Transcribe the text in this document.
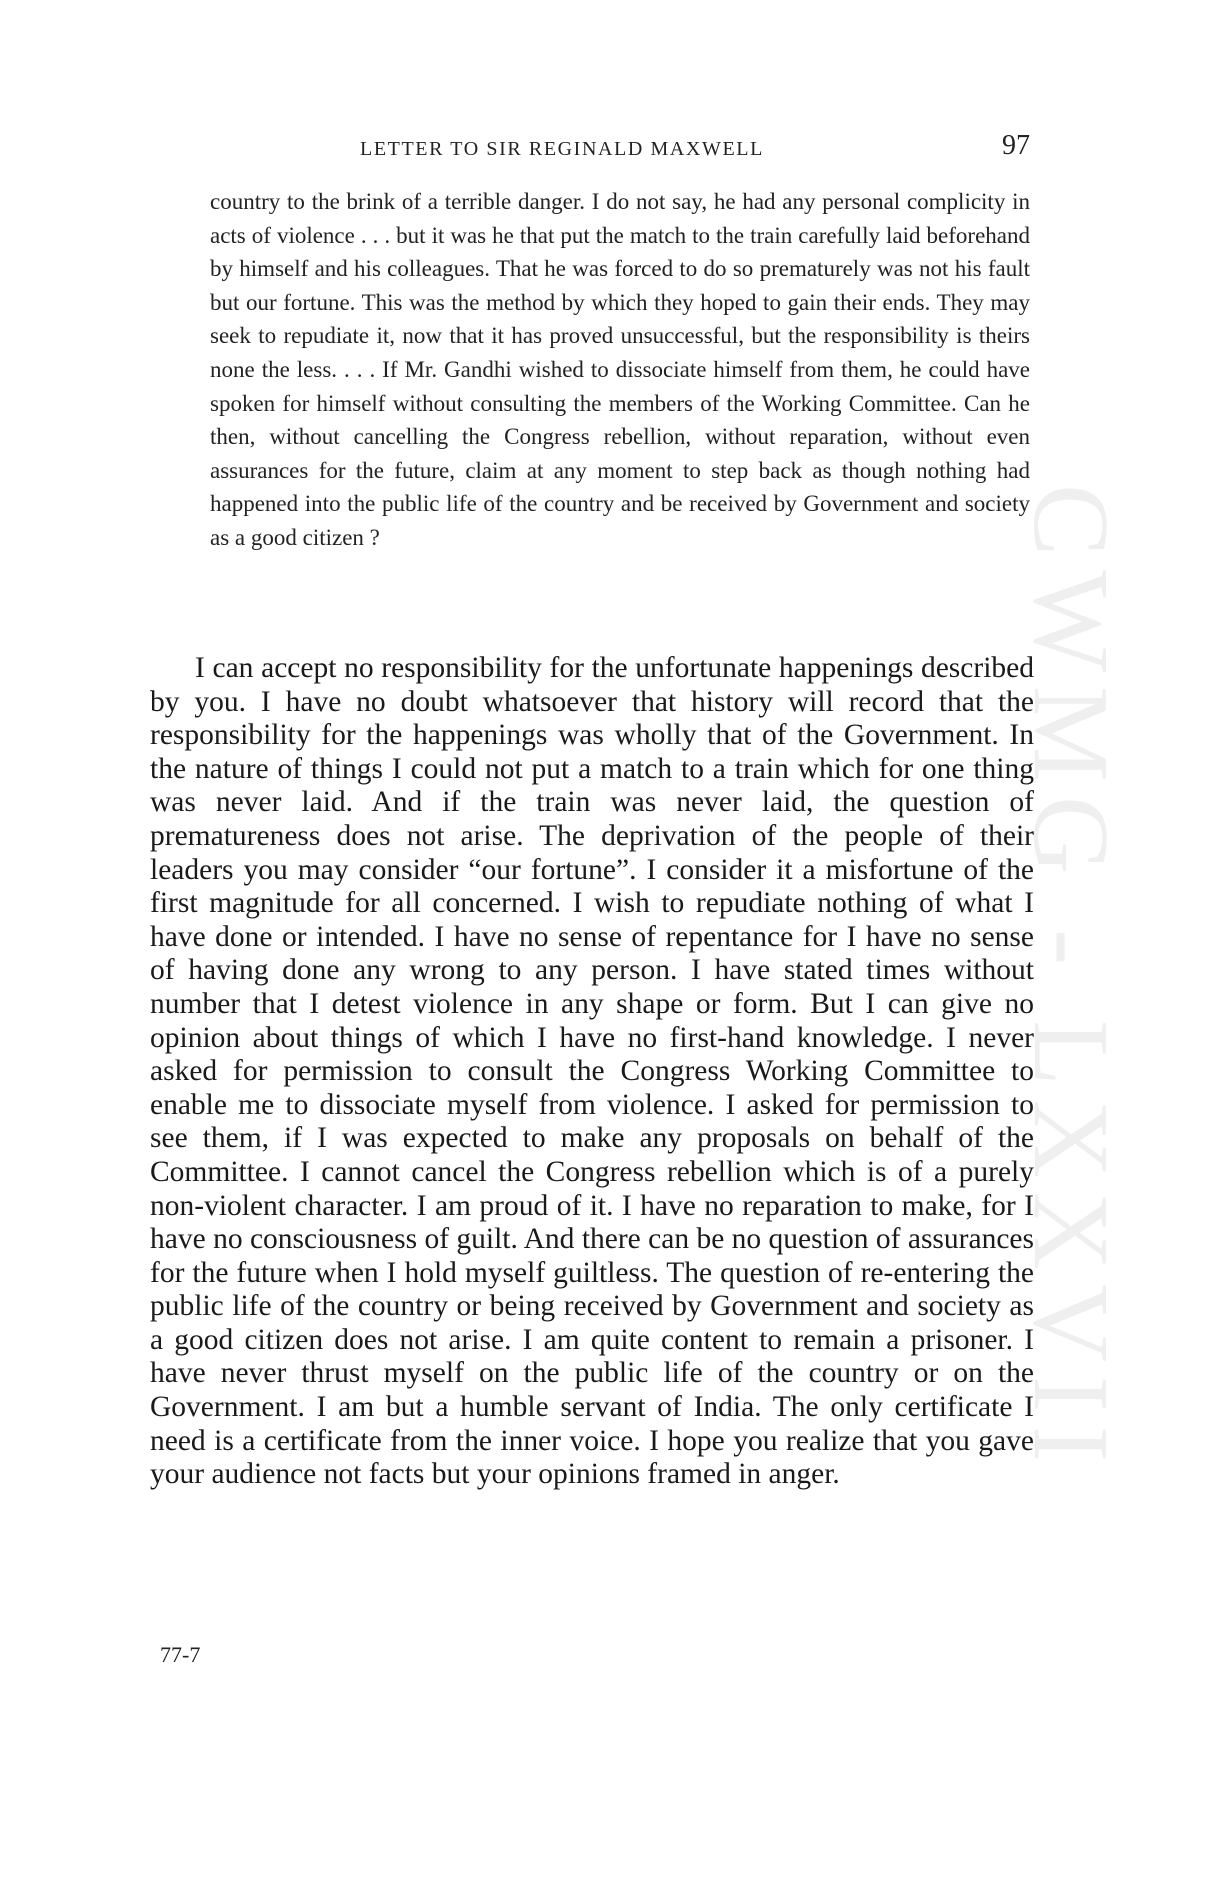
CWMG - LXXVII
LETTER TO SIR REGINALD MAXWELL	97

country to the brink of a terrible danger. I do not say, he had any personal complicity in acts of violence . . . but it was he that put the match to the train carefully laid beforehand by himself and his colleagues. That he was forced to do so prematurely was not his fault but our fortune. This was the method by which they hoped to gain their ends. They may seek to repudiate it, now that it has proved unsuccessful, but the responsibility is theirs none the less. . . . If Mr. Gandhi wished to dissociate himself from them, he could have spoken for himself without consulting the members of the Working Committee. Can he then, without cancelling the Congress rebellion, without reparation, without even assurances for the future, claim at any moment to step back as though nothing had happened into the public life of the country and be received by Government and society as a good citizen ?

I can accept no responsibility for the unfortunate happenings described by you. I have no doubt whatsoever that history will record that the responsibility for the happenings was wholly that of the Government. In the nature of things I could not put a match to a train which for one thing was never laid. And if the train was never laid, the question of prematureness does not arise. The deprivation of the people of their leaders you may consider “our fortune”. I consider it a misfortune of the first magnitude for all concerned. I wish to repudiate nothing of what I have done or intended. I have no sense of repentance for I have no sense of having done any wrong to any person. I have stated times without number that I detest violence in any shape or form. But I can give no opinion about things of which I have no first-hand knowledge. I never asked for permission to consult the Congress Working Committee to enable me to dissociate myself from violence. I asked for permission to see them, if I was expected to make any proposals on behalf of the Committee. I cannot cancel the Congress rebellion which is of a purely non-violent character. I am proud of it. I have no reparation to make, for I have no consciousness of guilt. And there can be no question of assurances for the future when I hold myself guiltless. The question of re-entering the public life of the country or being received by Government and society as a good citizen does not arise. I am quite content to remain a prisoner. I have never thrust myself on the public life of the country or on the Government. I am but a humble servant of India. The only certificate I need is a certificate from the inner voice. I hope you realize that you gave your audience not facts but your opinions framed in anger.

77-7
